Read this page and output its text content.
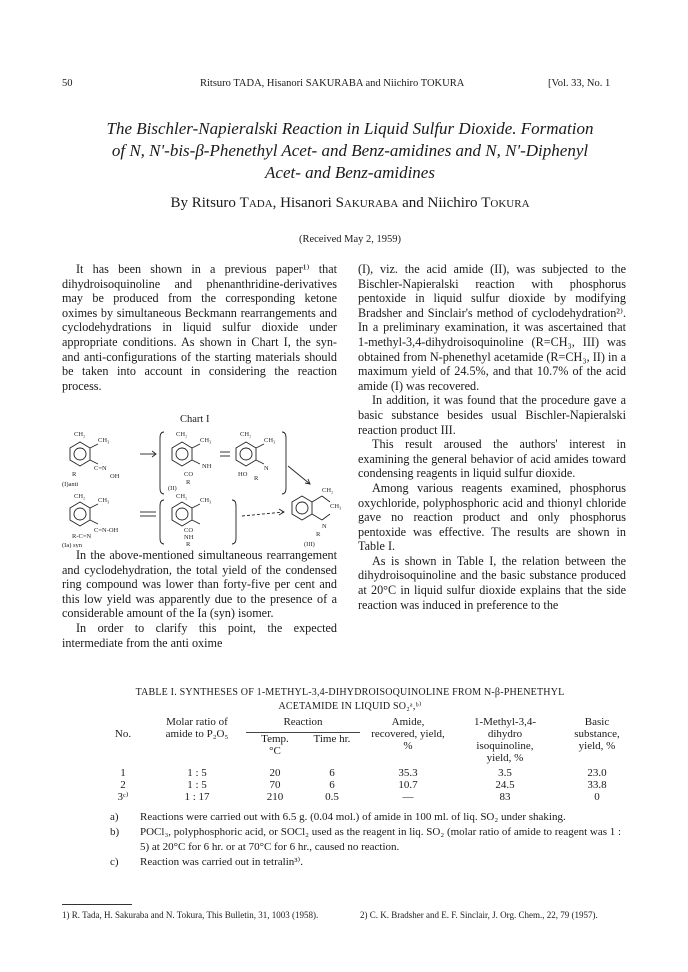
50	Ritsuro TADA, Hisanori SAKURABA and Niichiro TOKURA	[Vol. 33, No. 1
The Bischler-Napieralski Reaction in Liquid Sulfur Dioxide. Formation
of N, N'-bis-β-Phenethyl Acet- and Benz-amidines and N, N'-Diphenyl
Acet- and Benz-amidines
By Ritsuro Tada, Hisanori Sakuraba and Niichiro Tokura
(Received May 2, 1959)

It has been shown in a previous paper¹⁾ that dihydroisoquinoline and phenanthridine-derivatives may be produced from the corresponding ketone oximes by simultaneous Beckmann rearrangements and cyclodehydrations in liquid sulfur dioxide under appropriate conditions. As shown in Chart I, the syn- and anti-configurations of the starting materials should be taken into account in considering the reaction process.

Chart I
CH₂
CH₃
C=N
R	OH
(I)anti
CH₂
CH₃
NH
CO
R
(II)
CH₂
CH₃
N
HO
R
CH₂
CH₃
N
R
(III)
CH₂
CH₃
C=N-OH
R-C=N
(Ia) syn
CH₂
CH₃
CO
NH
R

In the above-mentioned simultaneous rearrangement and cyclodehydration, the total yield of the condensed ring compound was lower than forty-five per cent and this low yield was apparently due to the presence of a considerable amount of the Ia (syn) isomer.

In order to clarify this point, the expected intermediate from the anti oxime

(I), viz. the acid amide (II), was subjected to the Bischler-Napieralski reaction with phosphorus pentoxide in liquid sulfur dioxide by modifying Bradsher and Sinclair's method of cyclodehydration²⁾. In a preliminary examination, it was ascertained that 1-methyl-3,4-dihydroisoquinoline (R=CH₃, III) was obtained from N-phenethyl acetamide (R=CH₃, II) in a maximum yield of 24.5%, and that 10.7% of the acid amide (I) was recovered.

In addition, it was found that the procedure gave a basic substance besides usual Bischler-Napieralski reaction product III.

This result aroused the authors' interest in examining the general behavior of acid amides toward condensing reagents in liquid sulfur dioxide.

Among various reagents examined, phosphorus oxychloride, polyphosphoric acid and thionyl chloride gave no reaction product and only phosphorus pentoxide was effective. The results are shown in Table I.

As is shown in Table I, the relation between the dihydroisoquinoline and the basic substance produced at 20°C in liquid sulfur dioxide explains that the side reaction was induced in preference to the

TABLE I. SYNTHESES OF 1-METHYL-3,4-DIHYDROISOQUINOLINE FROM N-β-PHENETHYL
ACETAMIDE IN LIQUID SO₂ᵃ,ᵇ⁾
No.	Molar ratio of amide to P₂O₅	Reaction		Amide, recovered, yield, %	1-Methyl-3,4-dihydro isoquinoline, yield, %	Basic substance, yield, %
		Temp. °C	Time hr.			
1	1 : 5	20	6	35.3	3.5	23.0
2	1 : 5	70	6	10.7	24.5	33.8
3ᶜ⁾	1 : 17	210	0.5	—	83	0
a)	Reactions were carried out with 6.5 g. (0.04 mol.) of amide in 100 ml. of liq. SO₂ under shaking.
b)	POCl₃, polyphosphoric acid, or SOCl₂ used as the reagent in liq. SO₂ (molar ratio of amide to reagent was 1 : 5) at 20°C for 6 hr. or at 70°C for 6 hr., caused no reaction.
c)	Reaction was carried out in tetralin³⁾.
1) R. Tada, H. Sakuraba and N. Tokura, This Bulletin, 31, 1003 (1958).	2) C. K. Bradsher and E. F. Sinclair, J. Org. Chem., 22, 79 (1957).
